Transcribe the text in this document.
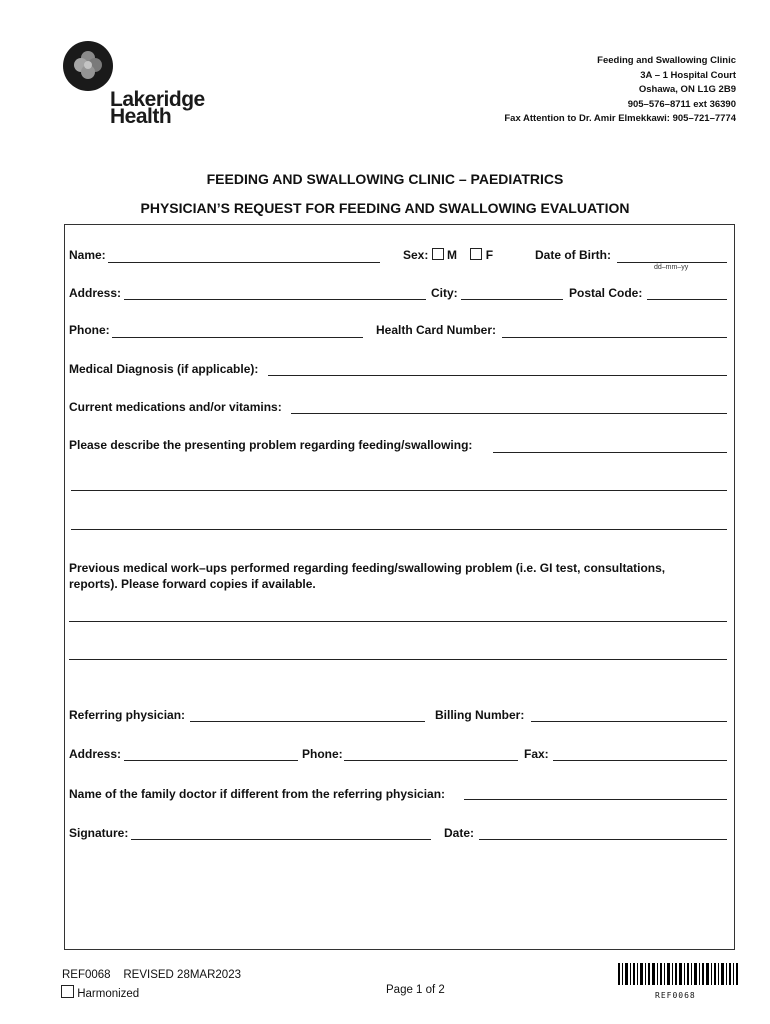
Lakeridge
Health
Feeding and Swallowing Clinic
3A – 1 Hospital Court
Oshawa, ON L1G 2B9
905–576–8711 ext 36390
Fax Attention to Dr. Amir Elmekkawi: 905–721–7774
FEEDING AND SWALLOWING CLINIC – PAEDIATRICS
PHYSICIAN’S REQUEST FOR FEEDING AND SWALLOWING EVALUATION
Name:	Sex: M F	Date of Birth:
dd–mm–yy
Address:	City:	Postal Code:
Phone:	Health Card Number:
Medical Diagnosis (if applicable):
Current medications and/or vitamins:
Please describe the presenting problem regarding feeding/swallowing:
Previous medical work–ups performed regarding feeding/swallowing problem (i.e. GI test, consultations,
reports). Please forward copies if available.
Referring physician:	Billing Number:
Address:	Phone:	Fax:
Name of the family doctor if different from the referring physician:
Signature:	Date:
REF0068 REVISED 28MAR2023
Harmonized	Page 1 of 2	REF0068
